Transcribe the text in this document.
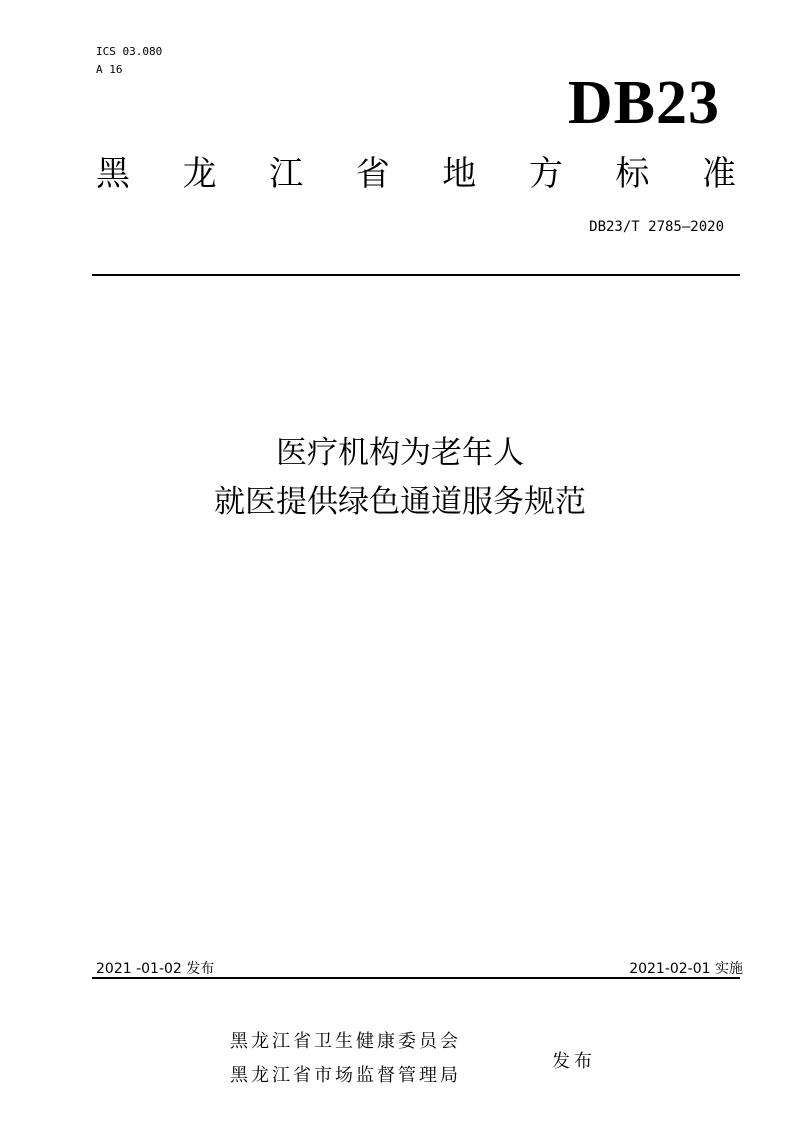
ICS 03.080
A 16	DB23
黑 龙 江 省 地 方 标 准
DB23/T 2785—2020
医疗机构为老年人
就医提供绿色通道服务规范
2021 -01-02 发布	2021-02-01 实施
黑龙江省卫生健康委员会
黑龙江省市场监督管理局
发布
